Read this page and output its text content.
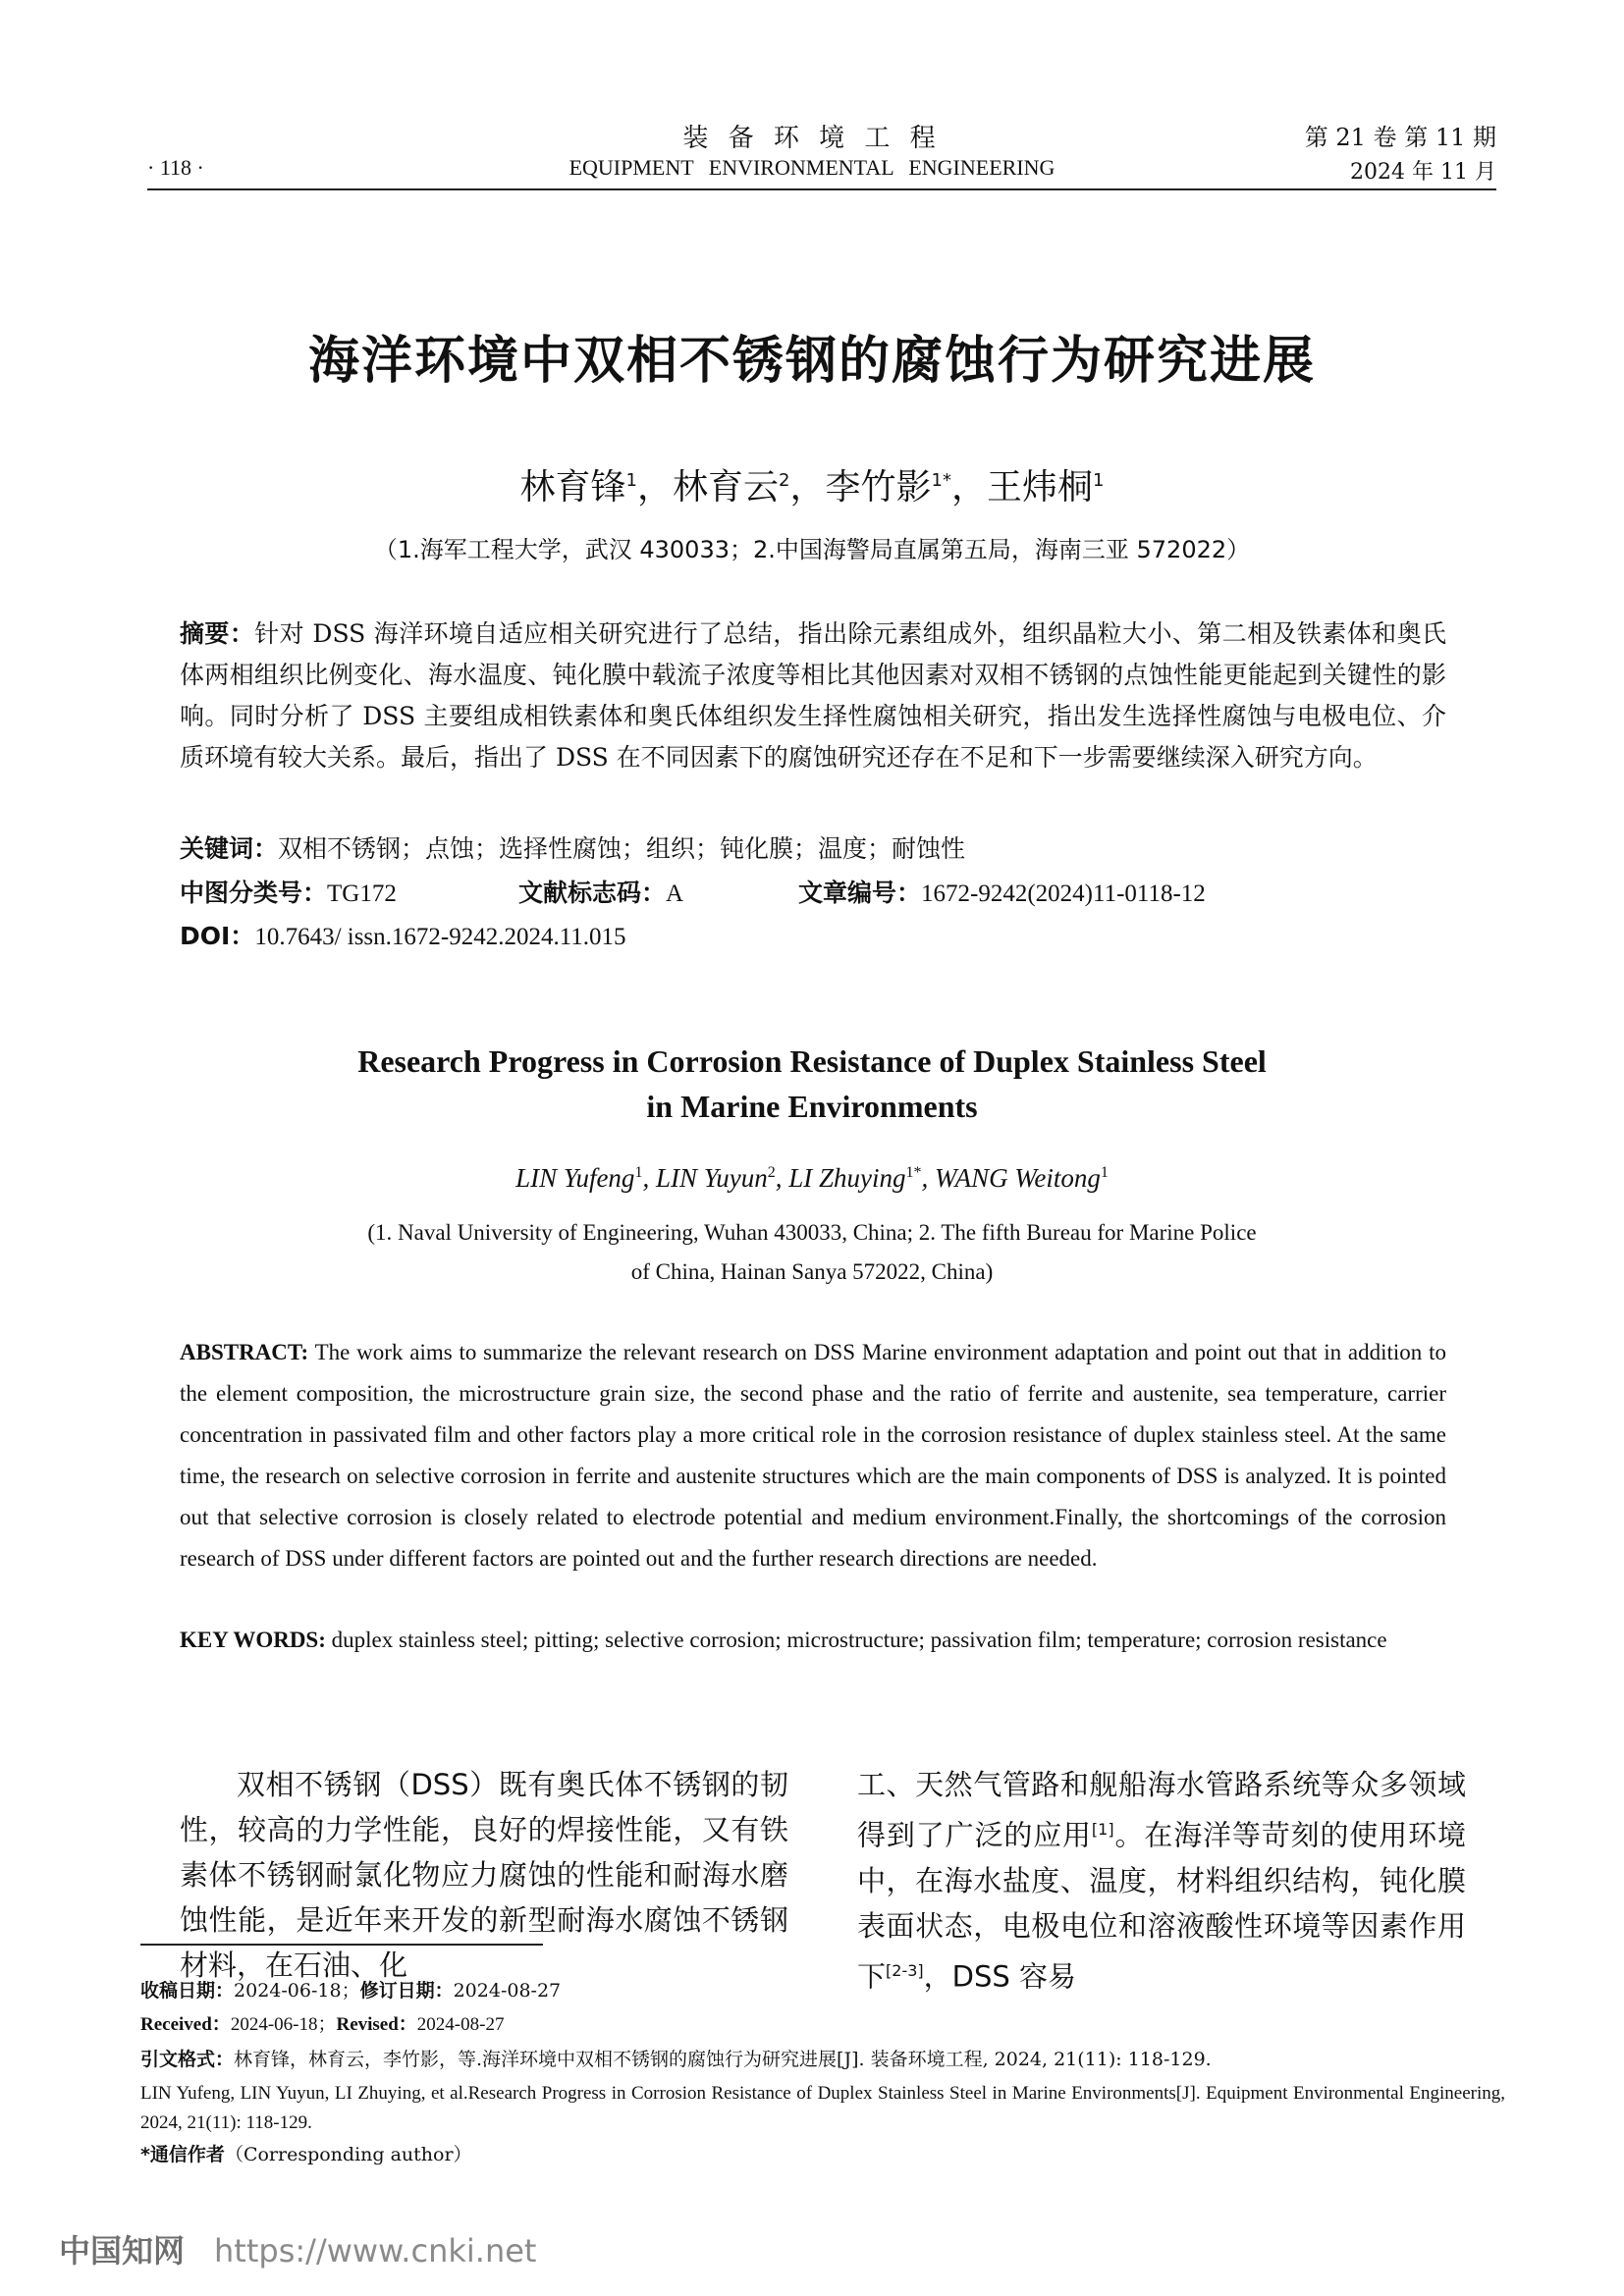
装 备 环 境 工 程
EQUIPMENT ENVIRONMENTAL ENGINEERING
· 118 ·
第 21 卷 第 11 期
2024 年 11 月
海洋环境中双相不锈钢的腐蚀行为研究进展
林育锋$^1$，林育云$^2$，李竹影$^{1*}$，王炜桐$^1$
（1.海军工程大学，武汉 430033；2.中国海警局直属第五局，海南三亚 572022）
摘要：针对 DSS 海洋环境自适应相关研究进行了总结，指出除元素组成外，组织晶粒大小、第二相及铁素体和奥氏体两相组织比例变化、海水温度、钝化膜中载流子浓度等相比其他因素对双相不锈钢的点蚀性能更能起到关键性的影响。同时分析了 DSS 主要组成相铁素体和奥氏体组织发生择性腐蚀相关研究，指出发生选择性腐蚀与电极电位、介质环境有较大关系。最后，指出了 DSS 在不同因素下的腐蚀研究还存在不足和下一步需要继续深入研究方向。
关键词：双相不锈钢；点蚀；选择性腐蚀；组织；钝化膜；温度；耐蚀性
中图分类号：TG172	文献标志码：A	文章编号：1672-9242(2024)11-0118-12
DOI：10.7643/ issn.1672-9242.2024.11.015
Research Progress in Corrosion Resistance of Duplex Stainless Steel
in Marine Environments
LIN Yufeng$^1$, LIN Yuyun$^2$, LI Zhuying$^{1*}$, WANG Weitong$^1$
(1. Naval University of Engineering, Wuhan 430033, China; 2. The fifth Bureau for Marine Police
of China, Hainan Sanya 572022, China)
ABSTRACT: The work aims to summarize the relevant research on DSS Marine environment adaptation and point out that in addition to the element composition, the microstructure grain size, the second phase and the ratio of ferrite and austenite, sea temperature, carrier concentration in passivated film and other factors play a more critical role in the corrosion resistance of duplex stainless steel. At the same time, the research on selective corrosion in ferrite and austenite structures which are the main components of DSS is analyzed. It is pointed out that selective corrosion is closely related to electrode potential and medium environment.Finally, the shortcomings of the corrosion research of DSS under different factors are pointed out and the further research directions are needed.
KEY WORDS: duplex stainless steel; pitting; selective corrosion; microstructure; passivation film; temperature; corrosion resistance
双相不锈钢（DSS）既有奥氏体不锈钢的韧性，较高的力学性能，良好的焊接性能，又有铁素体不锈钢耐氯化物应力腐蚀的性能和耐海水磨蚀性能，是近年来开发的新型耐海水腐蚀不锈钢材料，在石油、化
工、天然气管路和舰船海水管路系统等众多领域得到了广泛的应用[1]。在海洋等苛刻的使用环境中，在海水盐度、温度，材料组织结构，钝化膜表面状态，电极电位和溶液酸性环境等因素作用下[2-3]，DSS 容易
收稿日期：2024-06-18；修订日期：2024-08-27
Received：2024-06-18；Revised：2024-08-27
引文格式：林育锋，林育云，李竹影，等.海洋环境中双相不锈钢的腐蚀行为研究进展[J]. 装备环境工程, 2024, 21(11): 118-129.
LIN Yufeng, LIN Yuyun, LI Zhuying, et al.Research Progress in Corrosion Resistance of Duplex Stainless Steel in Marine Environments[J]. Equipment Environmental Engineering, 2024, 21(11): 118-129.
*通信作者（Corresponding author）
中国知网 https://www.cnki.net
